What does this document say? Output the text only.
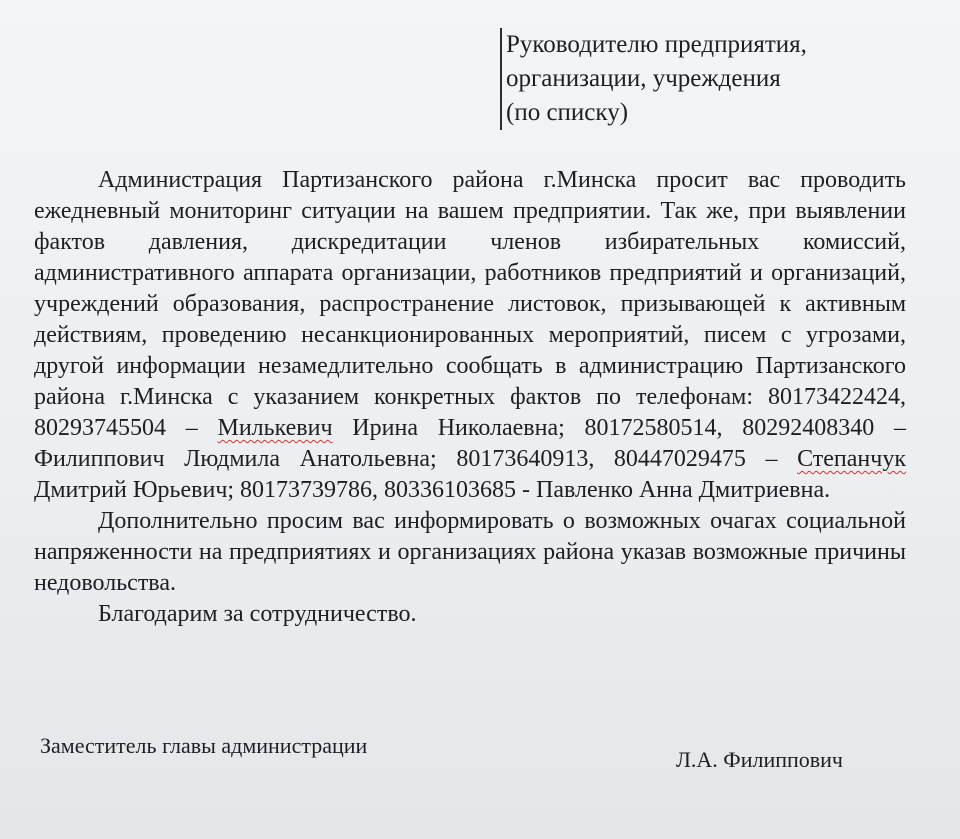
Руководителю предприятия,
организации, учреждения
(по списку)

Администрация Партизанского района г.Минска просит вас проводить ежедневный мониторинг ситуации на вашем предприятии. Так же, при выявлении фактов давления, дискредитации членов избирательных комиссий, административного аппарата организации, работников предприятий и организаций, учреждений образования, распространение листовок, призывающей к активным действиям, проведению несанкционированных мероприятий, писем с угрозами, другой информации незамедлительно сообщать в администрацию Партизанского района г.Минска с указанием конкретных фактов по телефонам: 80173422424, 80293745504 – Милькевич Ирина Николаевна; 80172580514, 80292408340 – Филиппович Людмила Анатольевна; 80173640913, 80447029475 – Степанчук Дмитрий Юрьевич; 80173739786, 80336103685 - Павленко Анна Дмитриевна.

Дополнительно просим вас информировать о возможных очагах социальной напряженности на предприятиях и организациях района указав возможные причины недовольства.

Благодарим за сотрудничество.

Заместитель главы администрации
Л.А. Филиппович
